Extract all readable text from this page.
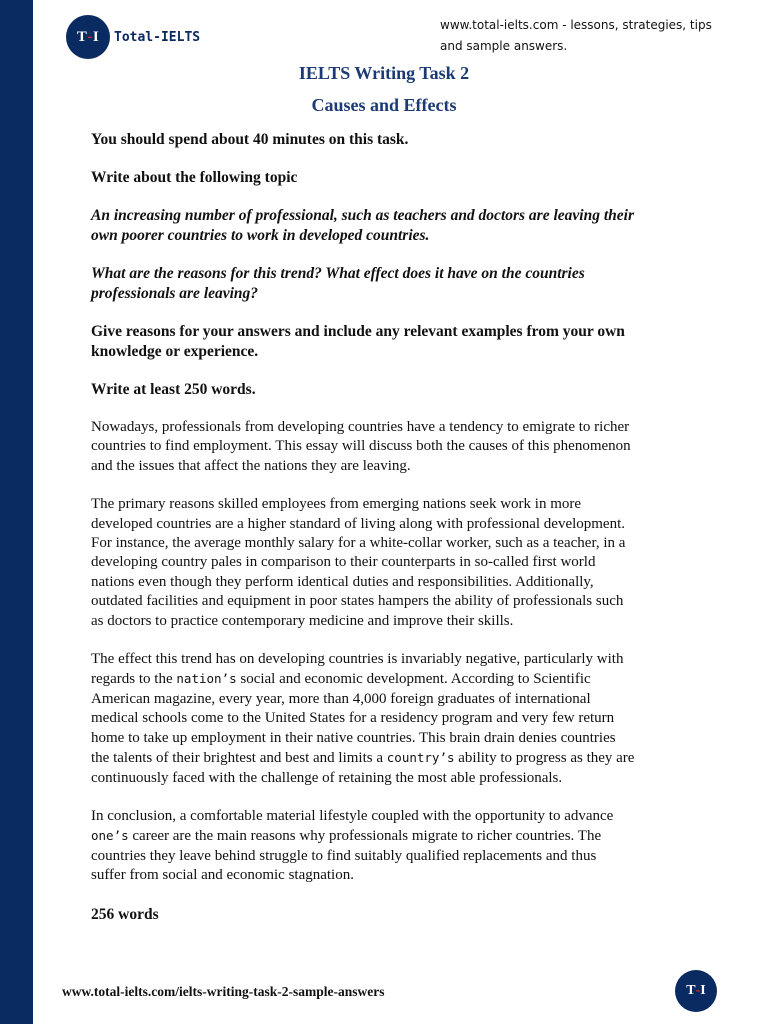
T - I Total-IELTS
www.total-ielts.com - lessons, strategies, tips
and sample answers.
IELTS Writing Task 2
Causes and Effects

You should spend about 40 minutes on this task.

Write about the following topic

An increasing number of professional, such as teachers and doctors are leaving their

own poorer countries to work in developed countries.

What are the reasons for this trend? What effect does it have on the countries

professionals are leaving?

Give reasons for your answers and include any relevant examples from your own

knowledge or experience.

Write at least 250 words.

Nowadays, professionals from developing countries have a tendency to emigrate to richer

countries to find employment. This essay will discuss both the causes of this phenomenon

and the issues that affect the nations they are leaving.

The primary reasons skilled employees from emerging nations seek work in more

developed countries are a higher standard of living along with professional development.

For instance, the average monthly salary for a white-collar worker, such as a teacher, in a

developing country pales in comparison to their counterparts in so-called first world

nations even though they perform identical duties and responsibilities. Additionally,

outdated facilities and equipment in poor states hampers the ability of professionals such

as doctors to practice contemporary medicine and improve their skills.

The effect this trend has on developing countries is invariably negative, particularly with

regards to the nation’s social and economic development. According to Scientific

American magazine, every year, more than 4,000 foreign graduates of international

medical schools come to the United States for a residency program and very few return

home to take up employment in their native countries. This brain drain denies countries

the talents of their brightest and best and limits a country’s ability to progress as they are

continuously faced with the challenge of retaining the most able professionals.

In conclusion, a comfortable material lifestyle coupled with the opportunity to advance

one’s career are the main reasons why professionals migrate to richer countries. The

countries they leave behind struggle to find suitably qualified replacements and thus

suffer from social and economic stagnation.

256 words

www.total-ielts.com/ielts-writing-task-2-sample-answers	T - I
